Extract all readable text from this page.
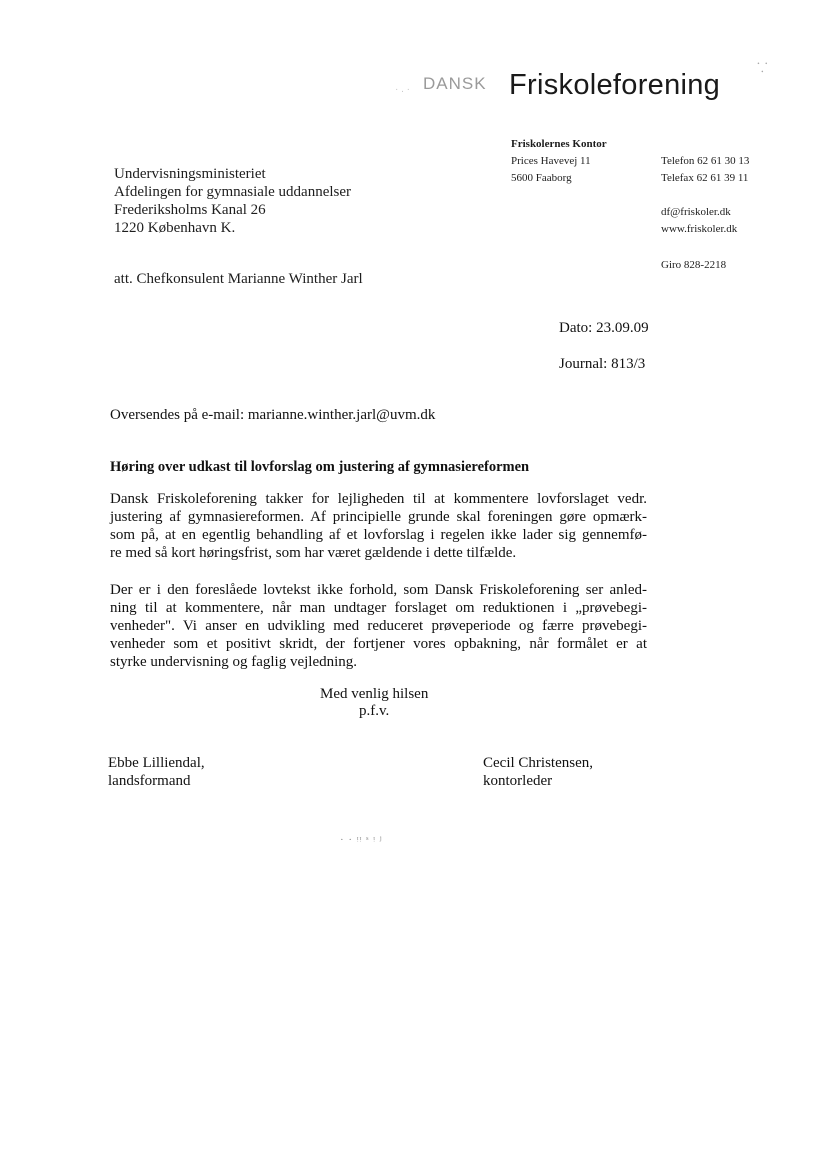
· . · DANSK Friskoleforening
⸪
Friskolernes Kontor
Prices Havevej 11
5600 Faaborg
Telefon 62 61 30 13
Telefax 62 61 39 11
df@friskoler.dk
www.friskoler.dk
Giro 828-2218
Undervisningsministeriet
Afdelingen for gymnasiale uddannelser
Frederiksholms Kanal 26
1220 København K.
att. Chefkonsulent Marianne Winther Jarl
Dato: 23.09.09
Journal: 813/3
Oversendes på e-mail: marianne.winther.jarl@uvm.dk
Høring over udkast til lovforslag om justering af gymnasiereformen
Dansk Friskoleforening takker for lejligheden til at kommentere lovforslaget vedr.
justering af gymnasiereformen. Af principielle grunde skal foreningen gøre opmærk-
som på, at en egentlig behandling af et lovforslag i regelen ikke lader sig gennemfø-
re med så kort høringsfrist, som har været gældende i dette tilfælde.
Der er i den foreslåede lovtekst ikke forhold, som Dansk Friskoleforening ser anled-
ning til at kommentere, når man undtager forslaget om reduktionen i „prøvebegi-
venheder". Vi anser en udvikling med reduceret prøveperiode og færre prøvebegi-
venheder som et positivt skridt, der fortjener vores opbakning, når formålet er at
styrke undervisning og faglig vejledning.
Med venlig hilsen
p.f.v.
Ebbe Lilliendal,
landsformand
Cecil Christensen,
kontorleder
· · ᵎᵎ ˢ ᵎ ʲ
